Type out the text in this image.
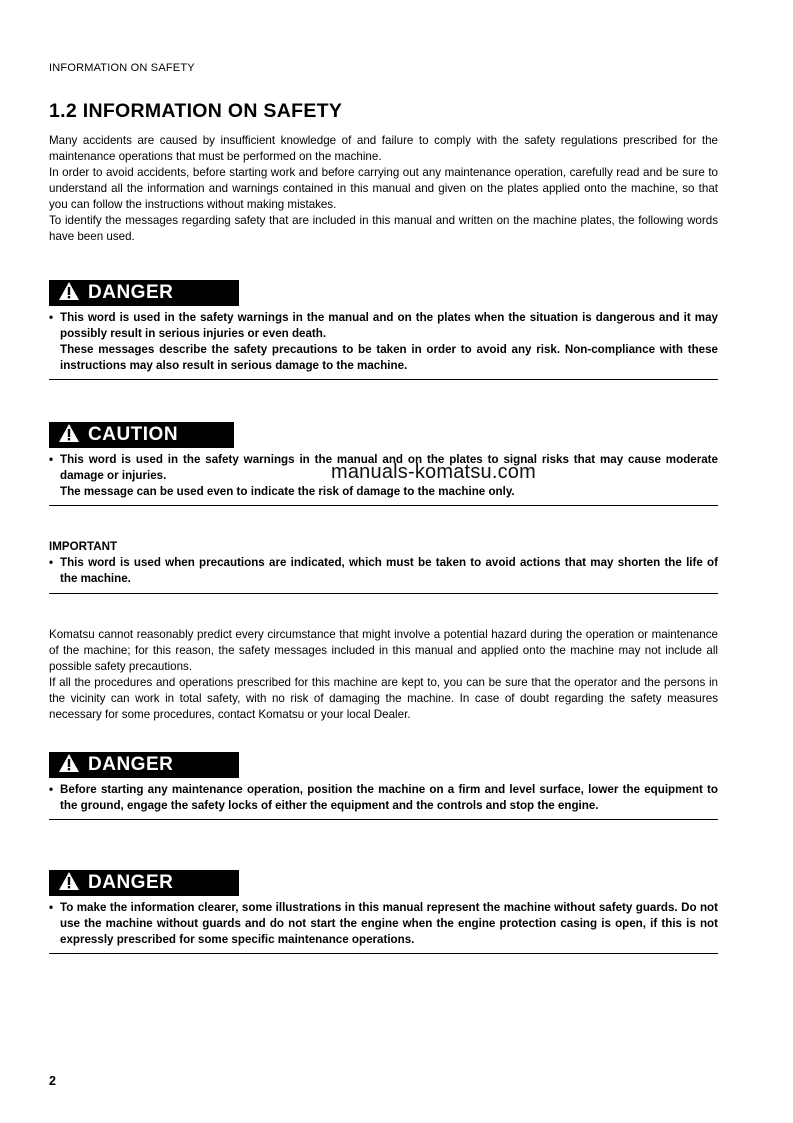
INFORMATION ON SAFETY
1.2 INFORMATION ON SAFETY

Many accidents are caused by insufficient knowledge of and failure to comply with the safety regulations prescribed for the maintenance operations that must be performed on the machine.

In order to avoid accidents, before starting work and before carrying out any maintenance operation, carefully read and be sure to understand all the information and warnings contained in this manual and given on the plates applied onto the machine, so that you can follow the instructions without making mistakes.

To identify the messages regarding safety that are included in this manual and written on the machine plates, the following words have been used.

DANGER
• This word is used in the safety warnings in the manual and on the plates when the situation is dangerous and it may possibly result in serious injuries or even death.
These messages describe the safety precautions to be taken in order to avoid any risk. Non-compliance with these instructions may also result in serious damage to the machine.
CAUTION
• This word is used in the safety warnings in the manual and on the plates to signal risks that may cause moderate damage or injuries.
The message can be used even to indicate the risk of damage to the machine only.
manuals-komatsu.com
IMPORTANT
• This word is used when precautions are indicated, which must be taken to avoid actions that may shorten the life of the machine.

Komatsu cannot reasonably predict every circumstance that might involve a potential hazard during the operation or maintenance of the machine; for this reason, the safety messages included in this manual and applied onto the machine may not include all possible safety precautions.

If all the procedures and operations prescribed for this machine are kept to, you can be sure that the operator and the persons in the vicinity can work in total safety, with no risk of damaging the machine. In case of doubt regarding the safety measures necessary for some procedures, contact Komatsu or your local Dealer.

DANGER
• Before starting any maintenance operation, position the machine on a firm and level surface, lower the equipment to the ground, engage the safety locks of either the equipment and the controls and stop the engine.
DANGER
• To make the information clearer, some illustrations in this manual represent the machine without safety guards. Do not use the machine without guards and do not start the engine when the engine protection casing is open, if this is not expressly prescribed for some specific maintenance operations.
2
